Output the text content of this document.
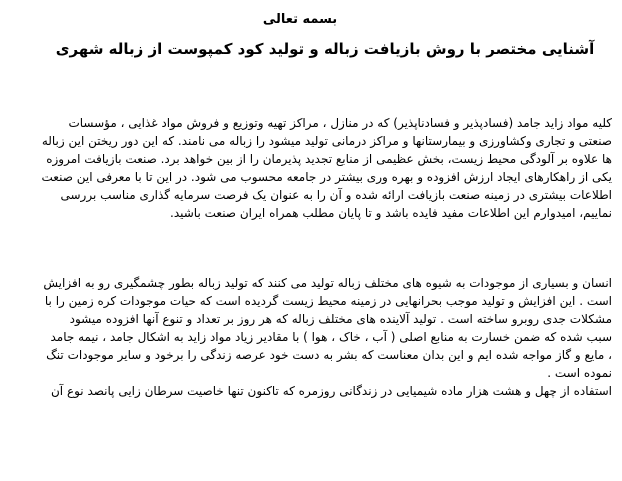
بسمه تعالی
آشنایی مختصر با روش بازیافت زباله و تولید کود کمپوست از زباله شهری
کلیه مواد زاید جامد (فسادپذیر و فسادناپذیر) که در منازل ، مراکز تهیه وتوزیع و فروش مواد غذایی ، مؤسسات
صنعتی و تجاری وکشاورزی و بیمارستانها و مراکز درمانی تولید میشود را زباله می نامند. که این دور ریختن این زباله
ها علاوه بر آلودگی محیط زیست، بخش عظیمی از منابع تجدید پذیرمان را از بین خواهد برد. صنعت بازیافت امروزه
یکی از راهکارهای ایجاد ارزش افزوده و بهره وری بیشتر در جامعه محسوب می شود. در این تا با معرفی این صنعت
اطلاعات بیشتری در زمینه صنعت بازیافت ارائه شده و آن را به عنوان یک فرصت سرمایه گذاری مناسب بررسی
نماییم، امیدوارم این اطلاعات مفید فایده باشد و تا پایان مطلب همراه ایران صنعت باشید.
انسان و بسیاری از موجودات به شیوه های مختلف زباله تولید می کنند که تولید زباله بطور چشمگیری رو به افزایش
است . این افزایش و تولید موجب بحرانهایی در زمینه محیط زیست گردیده است که حیات موجودات کره زمین را با
مشکلات جدی روبرو ساخته است . تولید آلاینده های مختلف زباله که هر روز بر تعداد و تنوع آنها افزوده میشود
سبب شده که ضمن خسارت به منابع اصلی ( آب ، خاک ، هوا ) با مقادیر زیاد مواد زاید به اشکال جامد ، نیمه جامد
، مایع و گاز مواجه شده ایم و این بدان معناست که بشر به دست خود عرصه زندگی را برخود و سایر موجودات تنگ
نموده است .
استفاده از چهل و هشت هزار ماده شیمیایی در زندگانی روزمره که تاکنون تنها خاصیت سرطان زایی پانصد نوع آن
